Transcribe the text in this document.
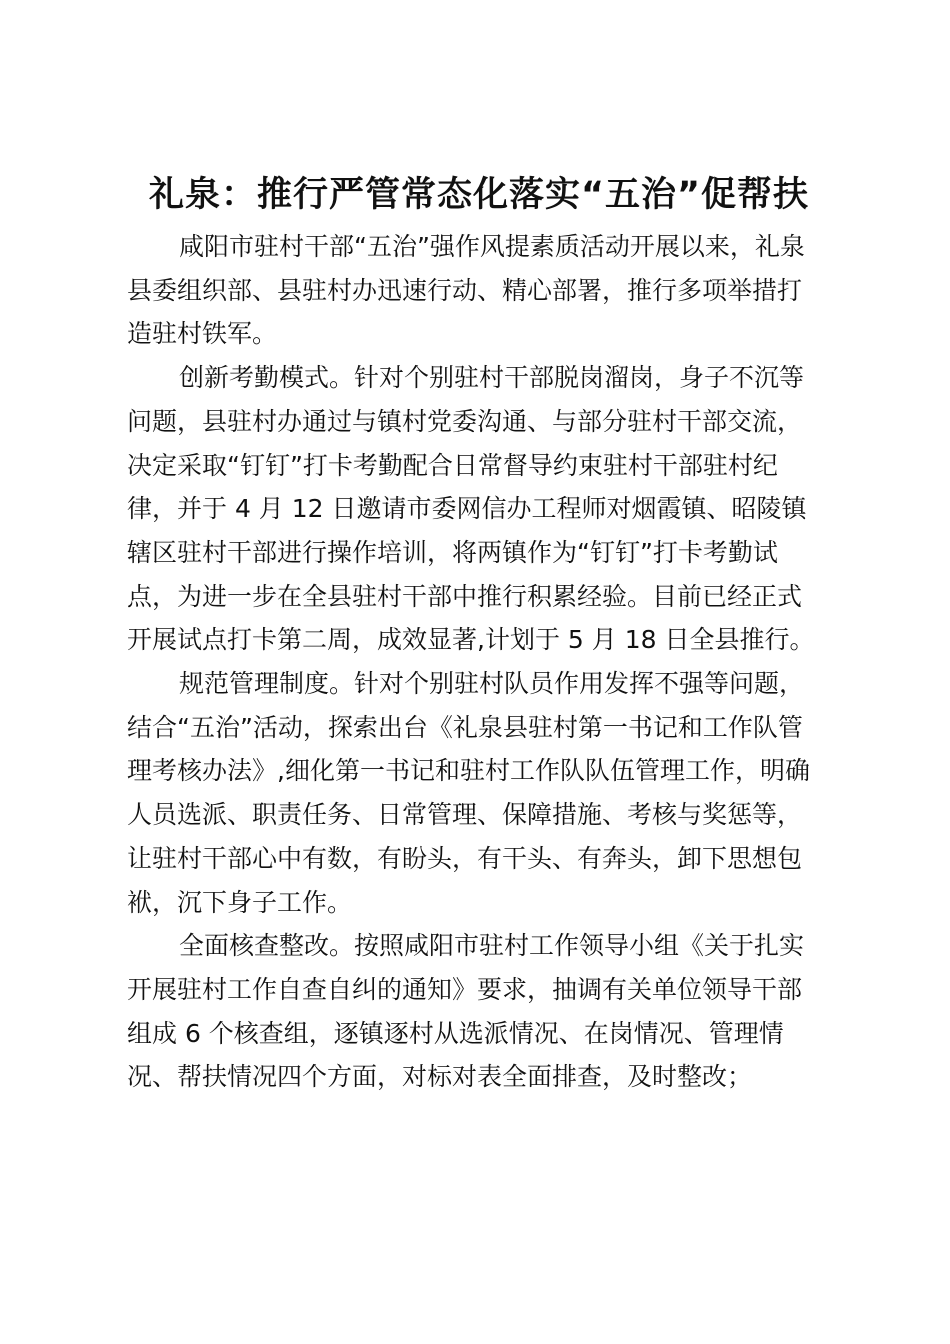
礼泉：推行严管常态化落实“五治”促帮扶
咸阳市驻村干部“五治”强作风提素质活动开展以来，礼泉
县委组织部、县驻村办迅速行动、精心部署，推行多项举措打
造驻村铁军。
创新考勤模式。针对个别驻村干部脱岗溜岗，身子不沉等
问题，县驻村办通过与镇村党委沟通、与部分驻村干部交流，
决定采取“钉钉”打卡考勤配合日常督导约束驻村干部驻村纪
律，并于 4 月 12 日邀请市委网信办工程师对烟霞镇、昭陵镇
辖区驻村干部进行操作培训，将两镇作为“钉钉”打卡考勤试
点，为进一步在全县驻村干部中推行积累经验。目前已经正式
开展试点打卡第二周，成效显著,计划于 5 月 18 日全县推行。
规范管理制度。针对个别驻村队员作用发挥不强等问题，
结合“五治”活动，探索出台《礼泉县驻村第一书记和工作队管
理考核办法》,细化第一书记和驻村工作队队伍管理工作，明确
人员选派、职责任务、日常管理、保障措施、考核与奖惩等，
让驻村干部心中有数，有盼头，有干头、有奔头，卸下思想包
袱，沉下身子工作。
全面核查整改。按照咸阳市驻村工作领导小组《关于扎实
开展驻村工作自查自纠的通知》要求，抽调有关单位领导干部
组成 6 个核查组，逐镇逐村从选派情况、在岗情况、管理情
况、帮扶情况四个方面，对标对表全面排查，及时整改；
